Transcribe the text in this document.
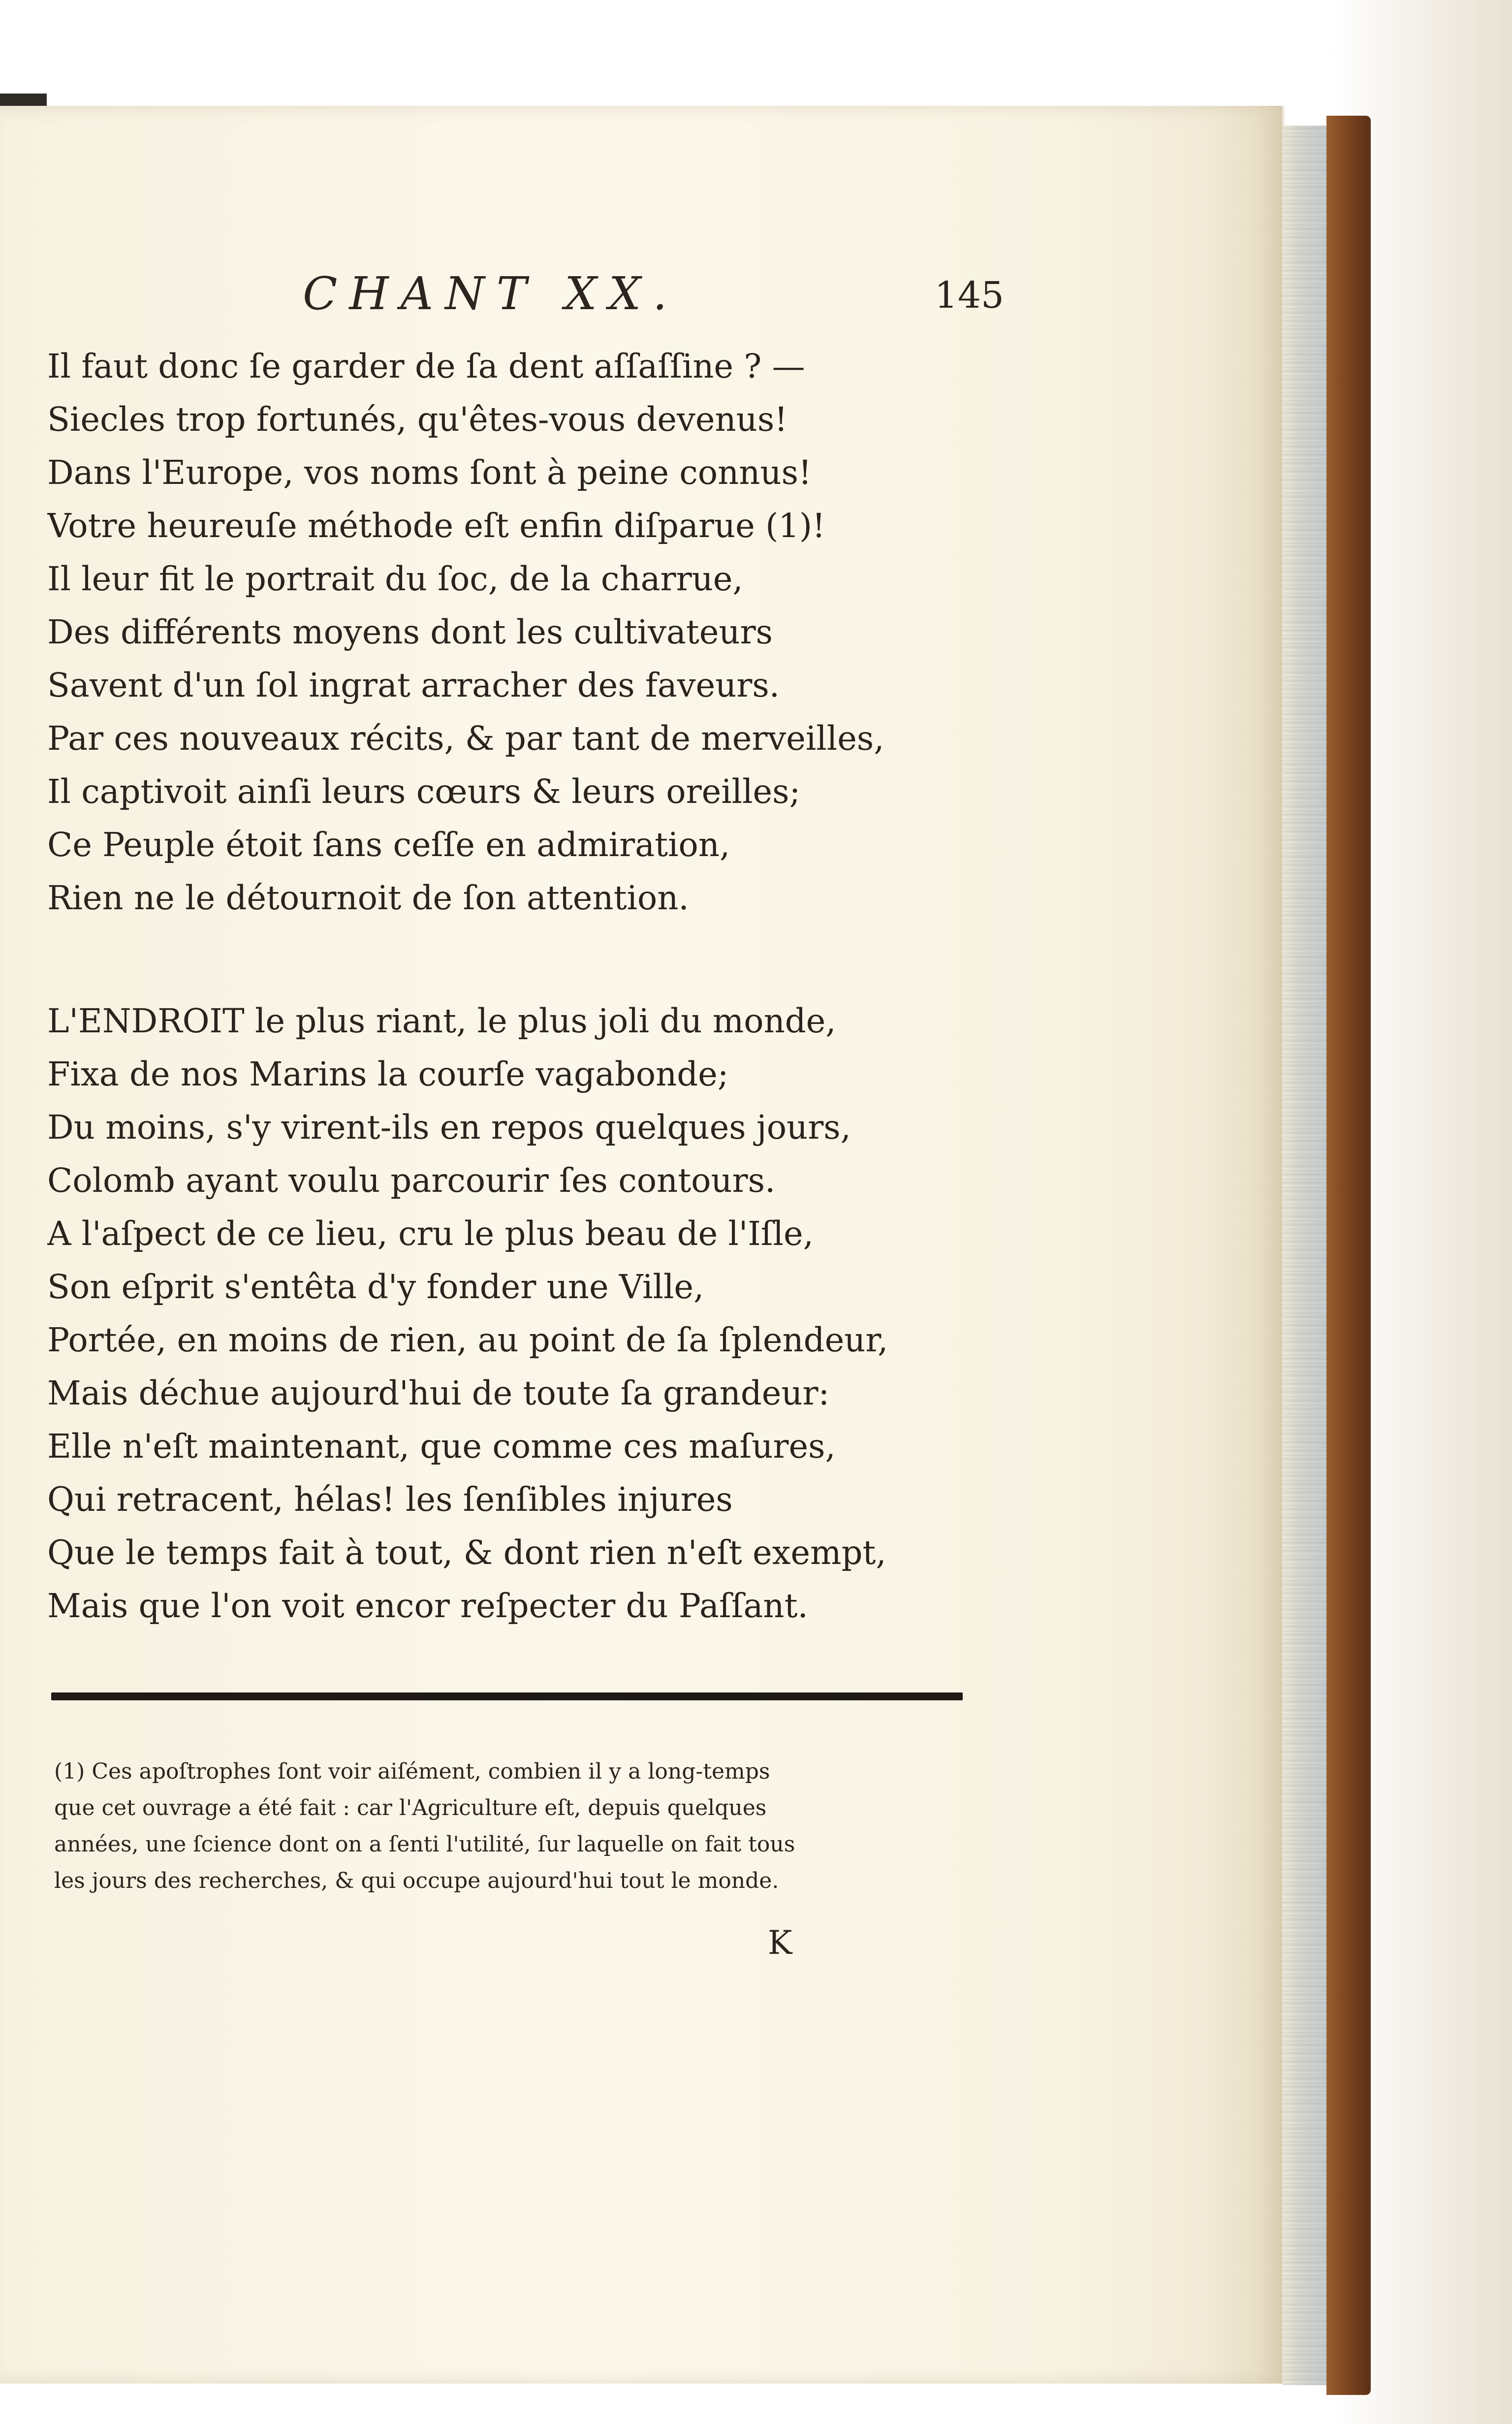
CHANT XX.	145
Il faut donc ſe garder de ſa dent aſſaſſine ? —
Siecles trop fortunés, qu'êtes-vous devenus!
Dans l'Europe, vos noms ſont à peine connus!
Votre heureuſe méthode eſt enfin diſparue (1)!
Il leur fit le portrait du ſoc, de la charrue,
Des différents moyens dont les cultivateurs
Savent d'un ſol ingrat arracher des faveurs.
Par ces nouveaux récits, & par tant de merveilles,
Il captivoit ainſi leurs cœurs & leurs oreilles;
Ce Peuple étoit ſans ceſſe en admiration,
Rien ne le détournoit de ſon attention.
L'ENDROIT le plus riant, le plus joli du monde,
Fixa de nos Marins la courſe vagabonde;
Du moins, s'y virent-ils en repos quelques jours,
Colomb ayant voulu parcourir ſes contours.
A l'aſpect de ce lieu, cru le plus beau de l'Iſle,
Son eſprit s'entêta d'y fonder une Ville,
Portée, en moins de rien, au point de ſa ſplendeur,
Mais déchue aujourd'hui de toute ſa grandeur:
Elle n'eſt maintenant, que comme ces maſures,
Qui retracent, hélas! les ſenſibles injures
Que le temps fait à tout, & dont rien n'eſt exempt,
Mais que l'on voit encor reſpecter du Paſſant.
(1) Ces apoſtrophes ſont voir aiſément, combien il y a long-temps
que cet ouvrage a été fait : car l'Agriculture eſt, depuis quelques
années, une ſcience dont on a ſenti l'utilité, ſur laquelle on fait tous
les jours des recherches, & qui occupe aujourd'hui tout le monde.
K
